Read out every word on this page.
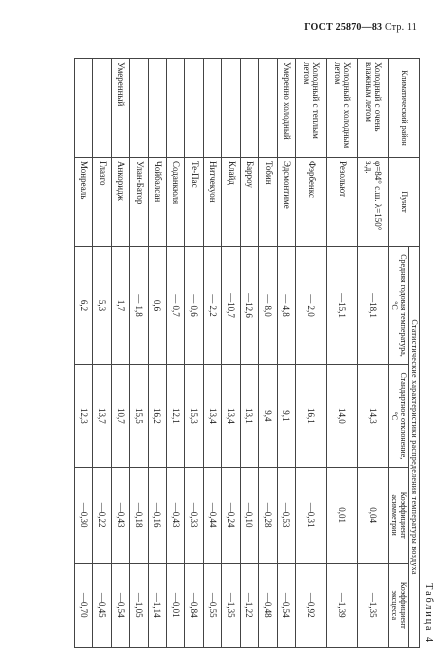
ГОСТ 25870—83 Стр. 11
Таблица 4
Климатический район	Пункт	Статистические характеристики распределения температуры воздуха			
		Средняя годовая температура, °С	Стандартное отклонение, °С	Коэффициент асимметрии	Коэффициент эксцесса
Холодный с очень влажным летом	φ=84° с.ш. λ=150° з.д.	—18,1	14,3	0,04	—1,35
Холодный с холодным летом	Резольют	—15,1	14,0	0,01	—1,39
Холодный с теплым летом	Фэрбенкс	— 2,0	16,1	—0,31	—0,92
Умеренно холодный	Эдсмонтиме	— 4,8	9,1	—0,53	—0,54
	Тобин	— 8,0	9,4	—0,28	—0,48
	Барроу	—12,6	13,1	—0,10	—1,22
	Клайд	—10,7	13,4	—0,24	—1,35
	Нитчекуон	— 2,2	13,4	—0,44	—0,55
	Те-Пас	— 0,6	15,3	—0,33	—0,84
	Соданкюля	— 0,7	12,1	—0,43	—0,01
	Чойбалсан	0,6	16,2	—0,16	—1,14
	Улан-Батор	— 1,8	15,5	—0,18	—1,05
Умеренный	Анкоридж	1,7	10,7	—0,43	—0,54
	Глазго	5,3	13,7	—0,22	—0,45
	Монреаль	6,2	12,3	—0,30	—0,70
